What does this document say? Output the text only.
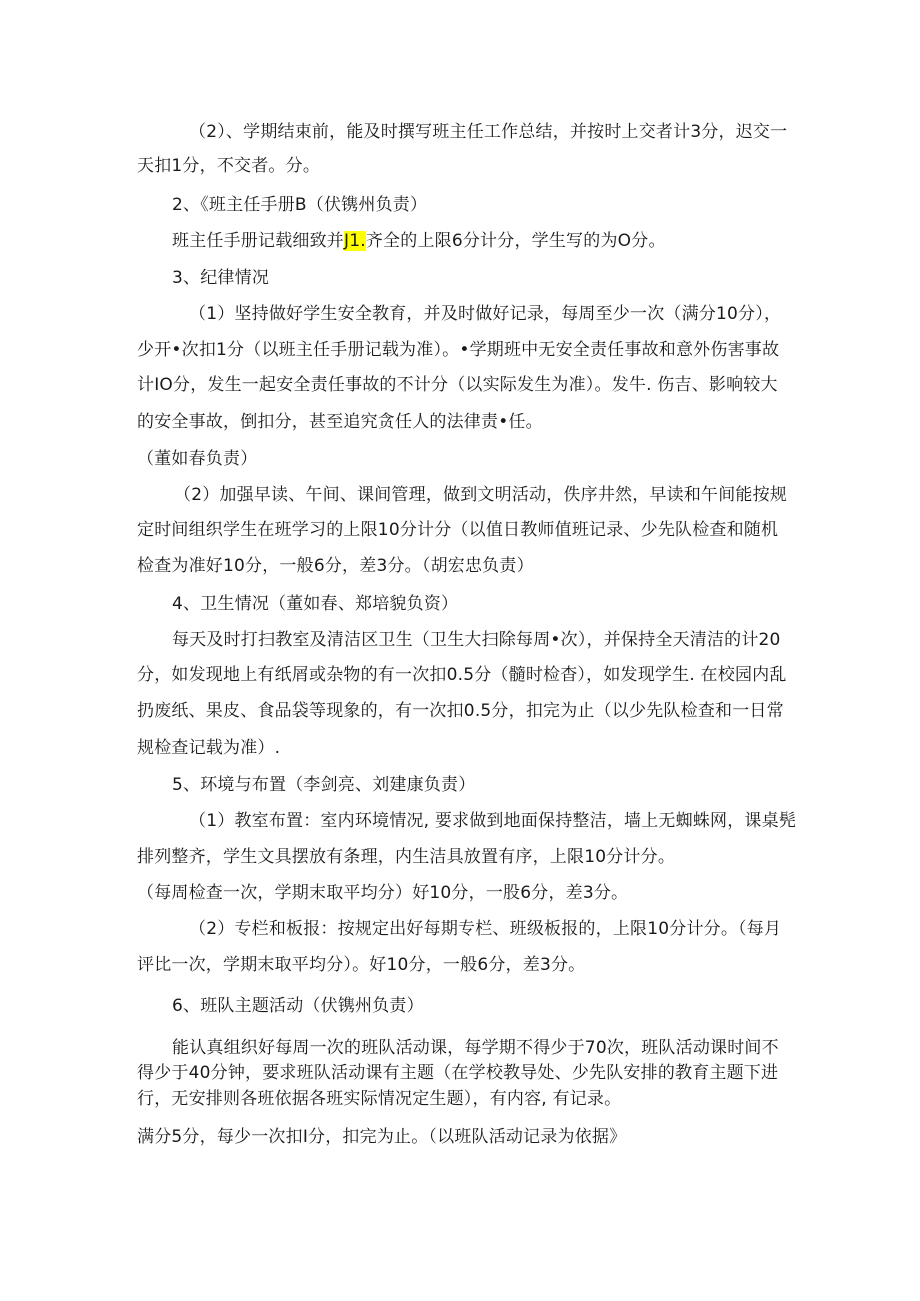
（2）、学期结束前，能及时撰写班主任工作总结，并按时上交者计3分，迟交一
天扣1分，不交者。分。
2、《班主任手册B（伏镌州负责）
班主任手册记载细致并J1.齐全的上限6分计分，学生写的为O分。
3、纪律情况
（1）坚持做好学生安全教育，并及时做好记录，每周至少一次（满分10分），
少开•次扣1分（以班主任手册记载为准）。•学期班中无安全责任事故和意外伤害事故
计IO分，发生一起安全责任事故的不计分（以实际发生为准）。发牛. 伤吉、影响较大
的安全事故，倒扣分，甚至追究贪任人的法律责•任。
（董如春负责）
（2）加强早读、午间、课间管理，做到文明活动，佚序井然，早读和午间能按规
定时间组织学生在班学习的上限10分计分（以值日教师值班记录、少先队检查和随机
检查为准好10分，一般6分，差3分。（胡宏忠负责）
4、卫生情况（董如春、郑培貌负资）
每天及时打扫教室及清洁区卫生（卫生大扫除每周•次），并保持全天清洁的计20
分，如发现地上有纸屑或杂物的有一次扣0.5分（髓时检杳），如发现学生. 在校园内乱
扔废纸、果皮、食品袋等现象的，有一次扣0.5分，扣完为止（以少先队检查和一日常
规检查记载为准）.
5、环境与布置（李剑亮、刘建康负责）
（1）教室布置：室内环境情况, 要求做到地面保持整洁，墙上无蜘蛛网，课桌髡
排列整齐，学生文具摆放有条理，内生洁具放置有序，上限10分计分。
（每周检查一次，学期末取平均分）好10分，一股6分，差3分。
（2）专栏和板报：按规定出好每期专栏、班级板报的，上限10分计分。（每月
评比一次，学期末取平均分）。好10分，一般6分，差3分。
6、班队主题活动（伏镌州负责）
能认真组织好每周一次的班队活动课，每学期不得少于70次，班队活动课时间不
得少于40分钟，要求班队活动课有主题（在学校教导处、少先队安排的教育主题下进
行，无安排则各班依据各班实际情况定生题），有内容, 有记录。
满分5分，每少一次扣I分，扣完为止。（以班队活动记录为依据》
